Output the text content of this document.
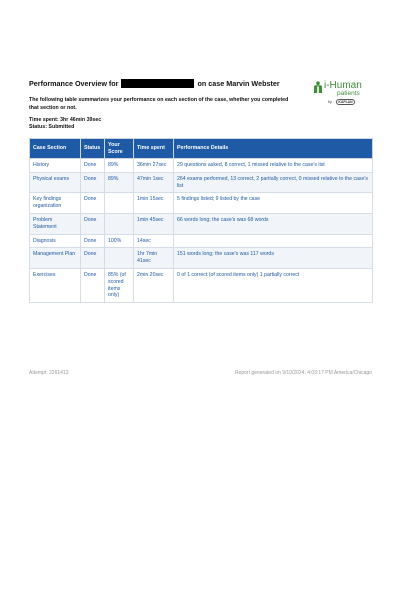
Performance Overview for	on case Marvin Webster	i-Human
patients
by	KAPLAN
The following table summarizes your performance on each section of the case, whether you completed that section or not.
Time spent: 3hr 46min 39sec
Status: Submitted
Case Section	Status	Your Score	Time spent	Performance Details
History	Done	89%	36min 27sec	29 questions asked, 8 correct, 1 missed relative to the case's list
Physical exams	Done	89%	47min 1sec	264 exams performed, 13 correct, 2 partially correct, 0 missed relative to the case's list
Key findings organization	Done		1min 15sec	5 findings listed; 9 listed by the case
Problem Statement	Done		1min 45sec	66 words long; the case's was 68 words
Diagnosis	Done	100%	14sec	
Management Plan	Done		1hr 7min 41sec	151 words long; the case's was 117 words
Exercises	Done	85% (of scored items only)	2min 20sec	0 of 1 correct (of scored items only) 1 partially correct
Attempt: 3261413	Report generated on 9/10/2024, 4:03:17 PM America/Chicago
